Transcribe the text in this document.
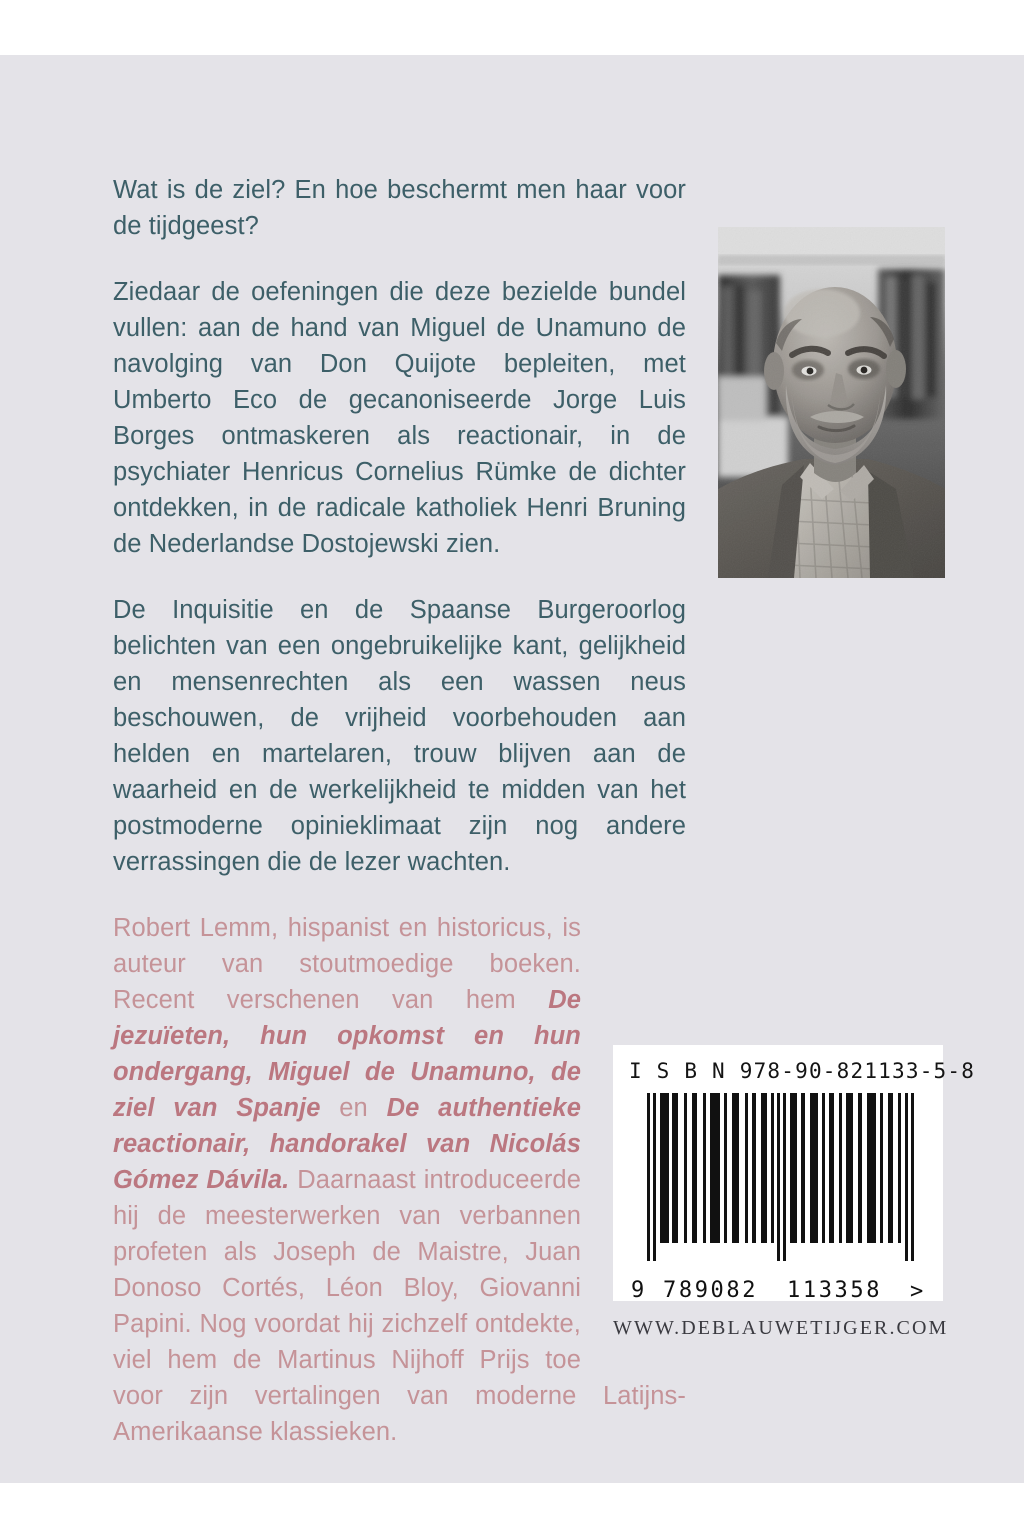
Wat is de ziel? En hoe beschermt men haar voor de tijdgeest?

Ziedaar de oefeningen die deze bezielde bundel vullen: aan de hand van Miguel de Unamuno de navolging van Don Quijote bepleiten, met Umberto Eco de gecanoniseerde Jorge Luis Borges ontmaskeren als reactionair, in de psychiater Henricus Cornelius Rümke de dichter ontdekken, in de radicale katholiek Henri Bruning de Nederlandse Dostojewski zien.

De Inquisitie en de Spaanse Burgeroorlog belichten van een ongebruikelijke kant, gelijkheid en mensenrechten als een wassen neus beschouwen, de vrijheid voorbehouden aan helden en martelaren, trouw blijven aan de waarheid en de werkelijkheid te midden van het postmoderne opinieklimaat zijn nog andere verrassingen die de lezer wachten.

Robert Lemm, hispanist en historicus, is auteur van stoutmoedige boeken. Recent verschenen van hem De jezuïeten, hun opkomst en hun ondergang, Miguel de Unamuno, de ziel van Spanje en De authentieke reactionair, handorakel van Nicolás Gómez Dávila. Daarnaast introduceerde hij de meesterwerken van verbannen profeten als Joseph de Maistre, Juan Donoso Cortés, Léon Bloy, Giovanni Papini. Nog voordat hij zichzelf ontdekte, viel hem de Martinus Nijhoff Prijs toe voor zijn vertalingen van moderne Latijns-Amerikaanse klassieken.

I S B N 978-90-821133-5-8
9 789082 113358 >
WWW.DEBLAUWETIJGER.COM
